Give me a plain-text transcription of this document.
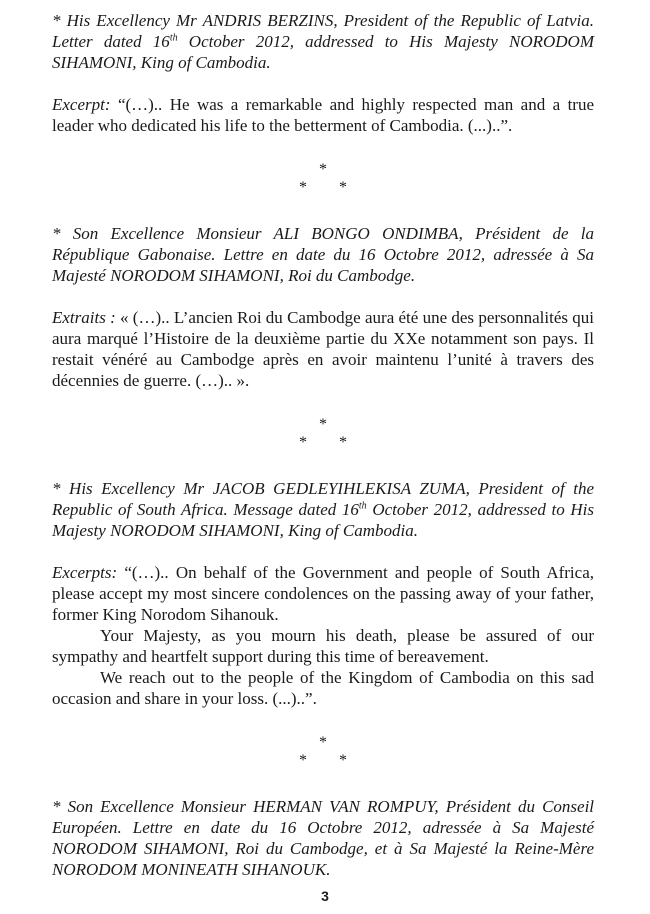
* His Excellency Mr ANDRIS BERZINS, President of the Republic of Latvia. Letter dated 16th October 2012, addressed to His Majesty NORODOM SIHAMONI, King of Cambodia.

Excerpt: “(…).. He was a remarkable and highly respected man and a true leader who dedicated his life to the betterment of Cambodia. (...)..”.

*

* *

* Son Excellence Monsieur ALI BONGO ONDIMBA, Président de la République Gabonaise. Lettre en date du 16 Octobre 2012, adressée à Sa Majesté NORODOM SIHAMONI, Roi du Cambodge.

Extraits : « (…).. L’ancien Roi du Cambodge aura été une des personnalités qui aura marqué l’Histoire de la deuxième partie du XXe notamment son pays. Il restait vénéré au Cambodge après en avoir maintenu l’unité à travers des décennies de guerre. (…).. ».

*

* *

* His Excellency Mr JACOB GEDLEYIHLEKISA ZUMA, President of the Republic of South Africa. Message dated 16th October 2012, addressed to His Majesty NORODOM SIHAMONI, King of Cambodia.

Excerpts: “(…).. On behalf of the Government and people of South Africa, please accept my most sincere condolences on the passing away of your father, former King Norodom Sihanouk.

Your Majesty, as you mourn his death, please be assured of our sympathy and heartfelt support during this time of bereavement.

We reach out to the people of the Kingdom of Cambodia on this sad occasion and share in your loss. (...)..”.

*

* *

* Son Excellence Monsieur HERMAN VAN ROMPUY, Président du Conseil Européen. Lettre en date du 16 Octobre 2012, adressée à Sa Majesté NORODOM SIHAMONI, Roi du Cambodge, et à Sa Majesté la Reine-Mère NORODOM MONINEATH SIHANOUK.

3
